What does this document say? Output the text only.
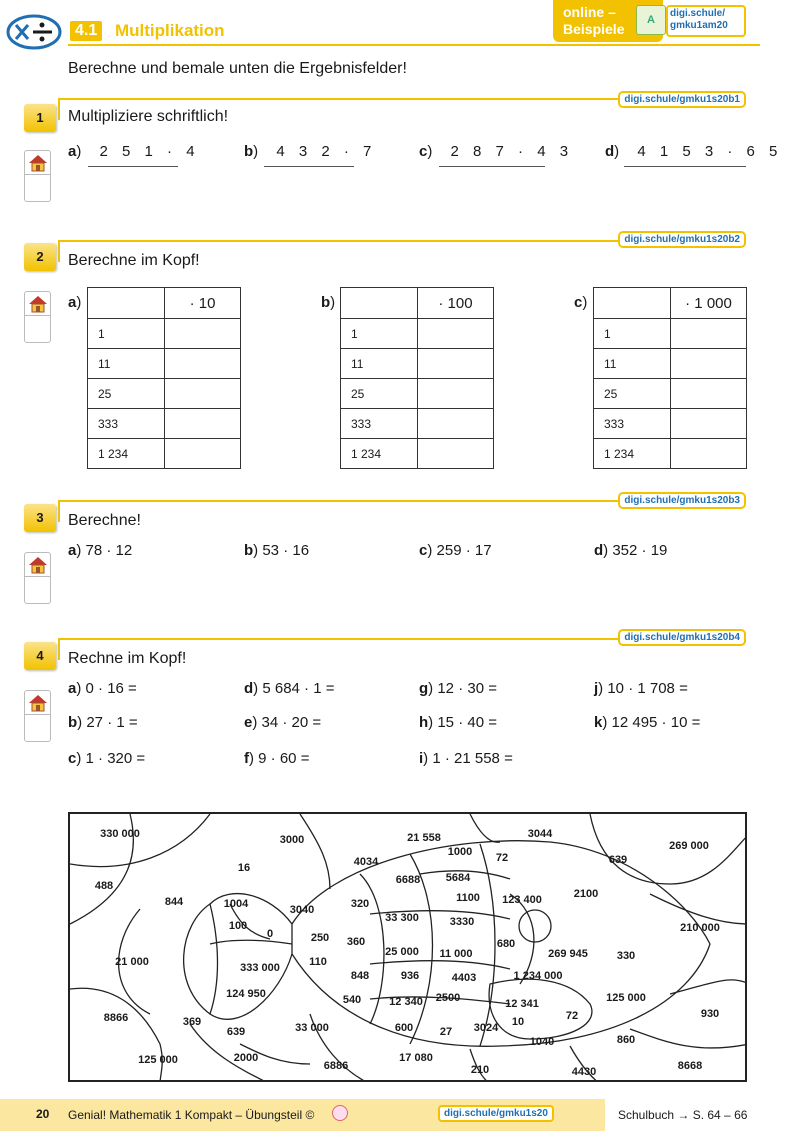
4.1 Multiplikation
online –
Beispiele
A
digi.schule/
gmku1am20
Berechne und bemale unten die Ergebnisfelder!
digi.schule/gmku1s20b1
1	Multipliziere schriftlich!
a) 2 5 1 · 4	b) 4 3 2 · 7	c) 2 8 7 · 4 3 d) 4 1 5 3 · 6 5
digi.schule/gmku1s20b2
2	Berechne im Kopf!
a)
		· 10
1	
11	
25	
333	
1 234	
b)
		· 100
1	
11	
25	
333	
1 234	
c)
		· 1 000
1	
11	
25	
333	
1 234	
digi.schule/gmku1s20b3
3	Berechne!
a) 78 · 12	b) 53 · 16	c) 259 · 17	d) 352 · 19
digi.schule/gmku1s20b4
4	Rechne im Kopf!
a) 0 · 16 =
b) 27 · 1 =
c) 1 · 320 =
d) 5 684 · 1 =
e) 34 · 20 =
f) 9 · 60 =
g) 12 · 30 =
h) 15 · 40 =
i) 1 · 21 558 =
j) 10 · 1 708 =
k) 12 495 · 10 =
330 000	3000	21 558	3044
269 000
16	4034
1000 72	639
488	6688 5684
844	1004	3040	320	1100 123 400	2100
33 300	3330
100
0	250 360
210 000
680
25 000 11 000	269 945	330
21 000	110
333 000
848	936	4403	1 234 000
124 950	540	12 340 2500	12 341	125 000
8866	369
639	33 000	600 27 3024 10	72	930
1040	860
125 000	2000
6886
17 080
210	4430	8668
20 Genial! Mathematik 1 Kompakt – Übungsteil ©	digi.schule/gmku1s20	Schulbuch → S. 64 – 66
